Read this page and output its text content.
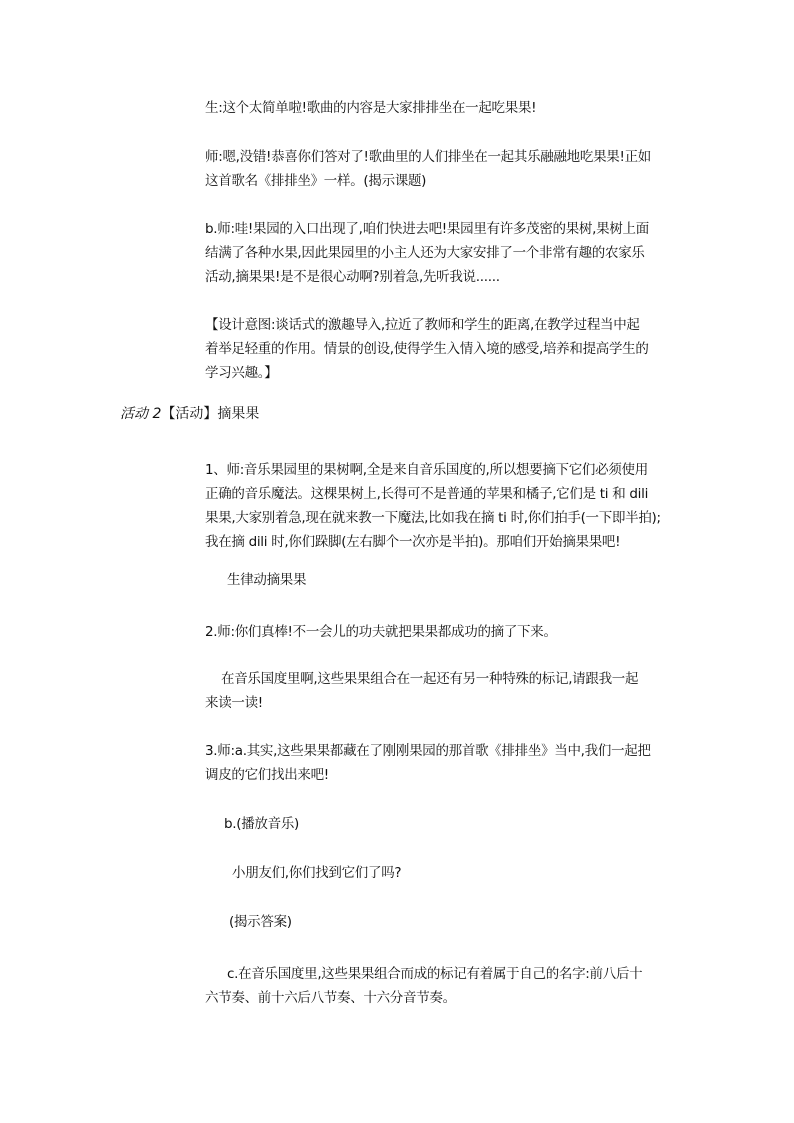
生:这个太简单啦!歌曲的内容是大家排排坐在一起吃果果!
师:嗯,没错!恭喜你们答对了!歌曲里的人们排坐在一起其乐融融地吃果果!正如
这首歌名《排排坐》一样。(揭示课题)
b.师:哇!果园的入口出现了,咱们快进去吧!果园里有许多茂密的果树,果树上面
结满了各种水果,因此果园里的小主人还为大家安排了一个非常有趣的农家乐
活动,摘果果!是不是很心动啊?别着急,先听我说......
【设计意图:谈话式的激趣导入,拉近了教师和学生的距离,在教学过程当中起
着举足轻重的作用。情景的创设,使得学生入情入境的感受,培养和提高学生的
学习兴趣。】
活动 2【活动】摘果果
1、师:音乐果园里的果树啊,全是来自音乐国度的,所以想要摘下它们必须使用
正确的音乐魔法。这棵果树上,长得可不是普通的苹果和橘子,它们是 ti 和 dili
果果,大家别着急,现在就来教一下魔法,比如我在摘 ti 时,你们拍手(一下即半拍);
我在摘 dili 时,你们跺脚(左右脚个一次亦是半拍)。那咱们开始摘果果吧!
生律动摘果果
2.师:你们真棒!不一会儿的功夫就把果果都成功的摘了下来。
在音乐国度里啊,这些果果组合在一起还有另一种特殊的标记,请跟我一起
来读一读!
3.师:a.其实,这些果果都藏在了刚刚果园的那首歌《排排坐》当中,我们一起把
调皮的它们找出来吧!
b.(播放音乐)
小朋友们,你们找到它们了吗?
(揭示答案)
c.在音乐国度里,这些果果组合而成的标记有着属于自己的名字:前八后十
六节奏、前十六后八节奏、十六分音节奏。
